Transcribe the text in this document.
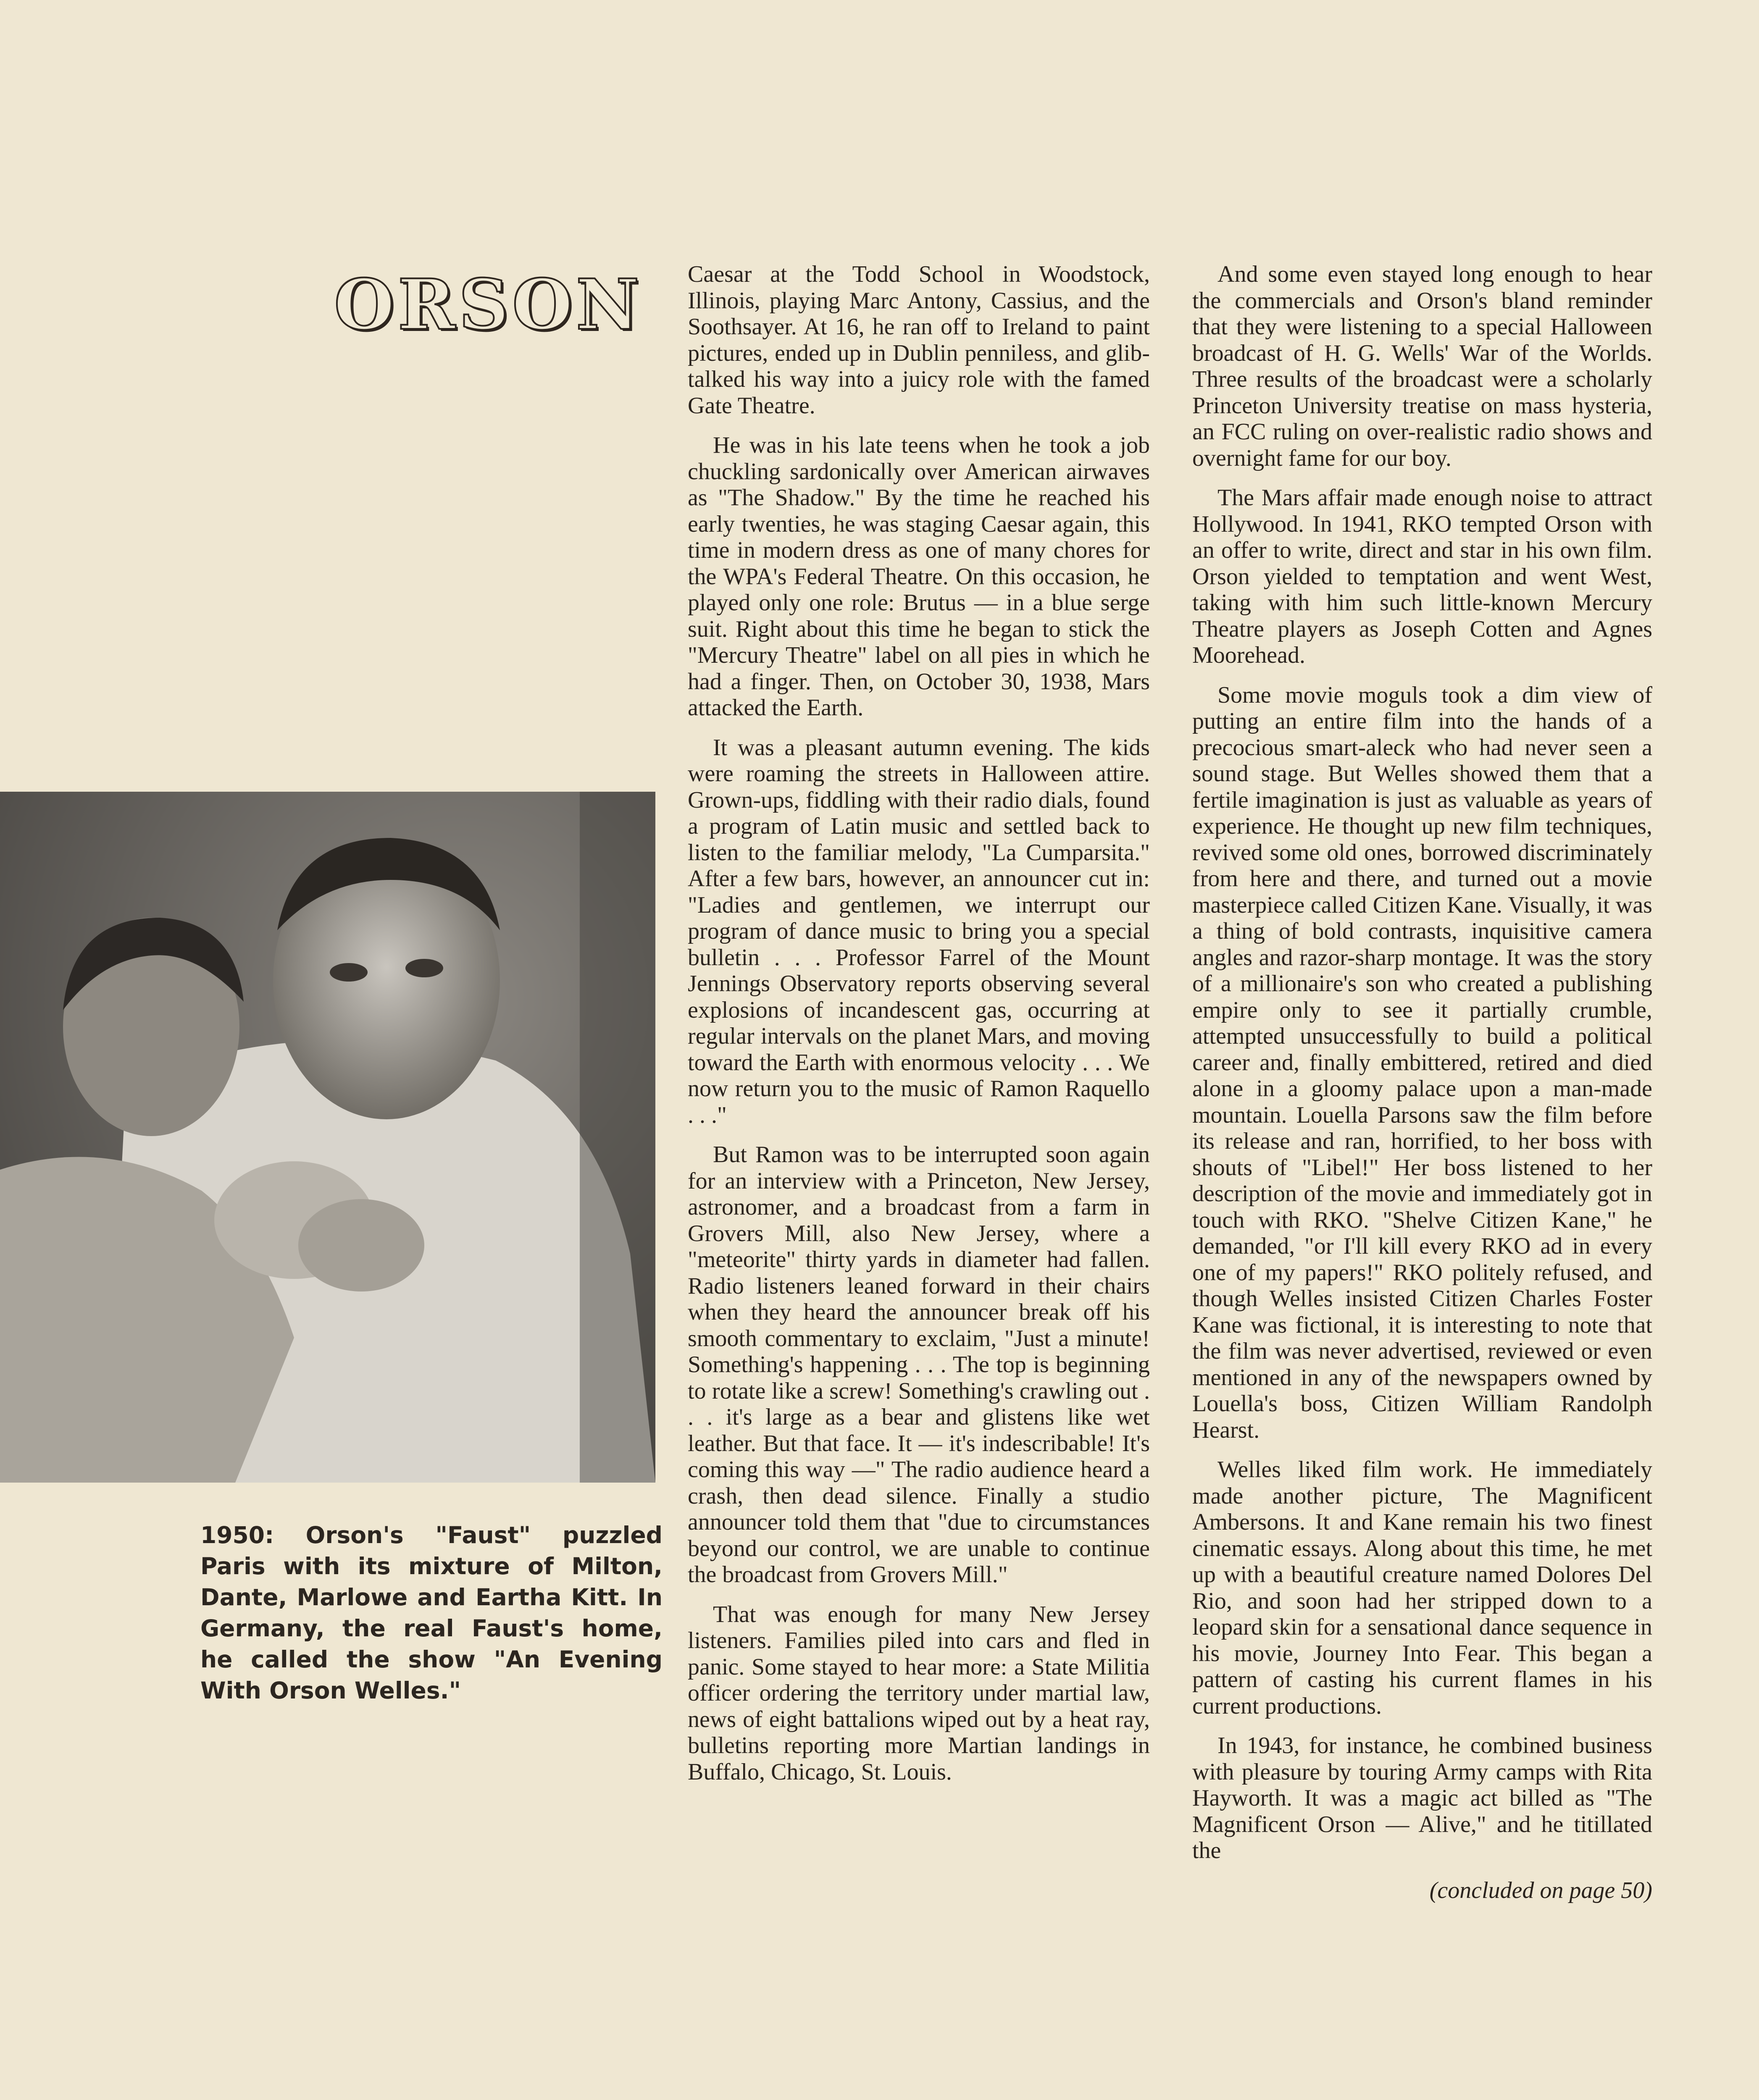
ORSON

1950: Orson's "Faust" puzzled Paris with its mixture of Milton, Dante, Marlowe and Eartha Kitt. In Germany, the real Faust's home, he called the show "An Evening With Orson Welles."

Caesar at the Todd School in Woodstock, Illinois, playing Marc Antony, Cassius, and the Soothsayer. At 16, he ran off to Ireland to paint pictures, ended up in Dublin penniless, and glib-talked his way into a juicy role with the famed Gate Theatre.

He was in his late teens when he took a job chuckling sardonically over American airwaves as "The Shadow." By the time he reached his early twenties, he was staging Caesar again, this time in modern dress as one of many chores for the WPA's Federal Theatre. On this occasion, he played only one role: Brutus — in a blue serge suit. Right about this time he began to stick the "Mercury Theatre" label on all pies in which he had a finger. Then, on October 30, 1938, Mars attacked the Earth.

It was a pleasant autumn evening. The kids were roaming the streets in Halloween attire. Grown-ups, fiddling with their radio dials, found a program of Latin music and settled back to listen to the familiar melody, "La Cumparsita." After a few bars, however, an announcer cut in: "Ladies and gentlemen, we interrupt our program of dance music to bring you a special bulletin . . . Professor Farrel of the Mount Jennings Observatory reports observing several explosions of incandescent gas, occurring at regular intervals on the planet Mars, and moving toward the Earth with enormous velocity . . . We now return you to the music of Ramon Raquello . . ."

But Ramon was to be interrupted soon again for an interview with a Princeton, New Jersey, astronomer, and a broadcast from a farm in Grovers Mill, also New Jersey, where a "meteorite" thirty yards in diameter had fallen. Radio listeners leaned forward in their chairs when they heard the announcer break off his smooth commentary to exclaim, "Just a minute! Something's happening . . . The top is beginning to rotate like a screw! Something's crawling out . . . it's large as a bear and glistens like wet leather. But that face. It — it's indescribable! It's coming this way —" The radio audience heard a crash, then dead silence. Finally a studio announcer told them that "due to circumstances beyond our control, we are unable to continue the broadcast from Grovers Mill."

That was enough for many New Jersey listeners. Families piled into cars and fled in panic. Some stayed to hear more: a State Militia officer ordering the territory under martial law, news of eight battalions wiped out by a heat ray, bulletins reporting more Martian landings in Buffalo, Chicago, St. Louis.

And some even stayed long enough to hear the commercials and Orson's bland reminder that they were listening to a special Halloween broadcast of H. G. Wells' War of the Worlds. Three results of the broadcast were a scholarly Princeton University treatise on mass hysteria, an FCC ruling on over-realistic radio shows and overnight fame for our boy.

The Mars affair made enough noise to attract Hollywood. In 1941, RKO tempted Orson with an offer to write, direct and star in his own film. Orson yielded to temptation and went West, taking with him such little-known Mercury Theatre players as Joseph Cotten and Agnes Moorehead.

Some movie moguls took a dim view of putting an entire film into the hands of a precocious smart-aleck who had never seen a sound stage. But Welles showed them that a fertile imagination is just as valuable as years of experience. He thought up new film techniques, revived some old ones, borrowed discriminately from here and there, and turned out a movie masterpiece called Citizen Kane. Visually, it was a thing of bold contrasts, inquisitive camera angles and razor-sharp montage. It was the story of a millionaire's son who created a publishing empire only to see it partially crumble, attempted unsuccessfully to build a political career and, finally embittered, retired and died alone in a gloomy palace upon a man-made mountain. Louella Parsons saw the film before its release and ran, horrified, to her boss with shouts of "Libel!" Her boss listened to her description of the movie and immediately got in touch with RKO. "Shelve Citizen Kane," he demanded, "or I'll kill every RKO ad in every one of my papers!" RKO politely refused, and though Welles insisted Citizen Charles Foster Kane was fictional, it is interesting to note that the film was never advertised, reviewed or even mentioned in any of the newspapers owned by Louella's boss, Citizen William Randolph Hearst.

Welles liked film work. He immediately made another picture, The Magnificent Ambersons. It and Kane remain his two finest cinematic essays. Along about this time, he met up with a beautiful creature named Dolores Del Rio, and soon had her stripped down to a leopard skin for a sensational dance sequence in his movie, Journey Into Fear. This began a pattern of casting his current flames in his current productions.

In 1943, for instance, he combined business with pleasure by touring Army camps with Rita Hayworth. It was a magic act billed as "The Magnificent Orson — Alive," and he titillated the

(concluded on page 50)
